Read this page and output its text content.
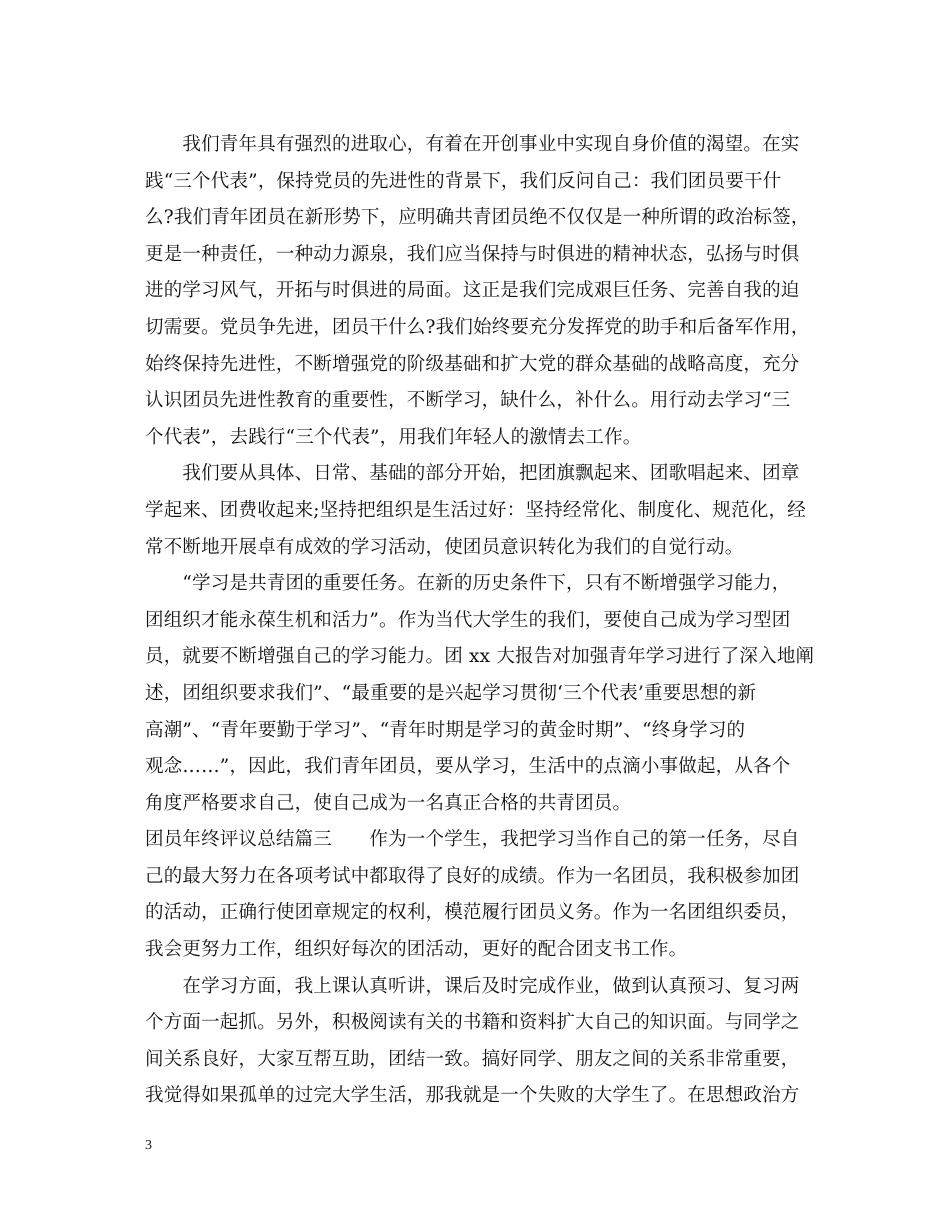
　　我们青年具有强烈的进取心，有着在开创事业中实现自身价值的渴望。在实
践“三个代表”，保持党员的先进性的背景下，我们反问自己：我们团员要干什
么?我们青年团员在新形势下，应明确共青团员绝不仅仅是一种所谓的政治标签，
更是一种责任，一种动力源泉，我们应当保持与时俱进的精神状态，弘扬与时俱
进的学习风气，开拓与时俱进的局面。这正是我们完成艰巨任务、完善自我的迫
切需要。党员争先进，团员干什么?我们始终要充分发挥党的助手和后备军作用，
始终保持先进性，不断增强党的阶级基础和扩大党的群众基础的战略高度，充分
认识团员先进性教育的重要性，不断学习，缺什么，补什么。用行动去学习“三
个代表”，去践行“三个代表”，用我们年轻人的激情去工作。
　　我们要从具体、日常、基础的部分开始，把团旗飘起来、团歌唱起来、团章
学起来、团费收起来;坚持把组织是生活过好：坚持经常化、制度化、规范化，经
常不断地开展卓有成效的学习活动，使团员意识转化为我们的自觉行动。
　　“学习是共青团的重要任务。在新的历史条件下，只有不断增强学习能力，
团组织才能永葆生机和活力”。作为当代大学生的我们，要使自己成为学习型团
员，就要不断增强自己的学习能力。团 xx 大报告对加强青年学习进行了深入地阐
述，团组织要求我们”、“最重要的是兴起学习贯彻‘三个代表’重要思想的新
高潮”、“青年要勤于学习”、“青年时期是学习的黄金时期”、“终身学习的
观念……”，因此，我们青年团员，要从学习，生活中的点滴小事做起，从各个
角度严格要求自己，使自己成为一名真正合格的共青团员。
团员年终评议总结篇三　　作为一个学生，我把学习当作自己的第一任务，尽自
己的最大努力在各项考试中都取得了良好的成绩。作为一名团员，我积极参加团
的活动，正确行使团章规定的权利，模范履行团员义务。作为一名团组织委员，
我会更努力工作，组织好每次的团活动，更好的配合团支书工作。
　　在学习方面，我上课认真听讲，课后及时完成作业，做到认真预习、复习两
个方面一起抓。另外，积极阅读有关的书籍和资料扩大自己的知识面。与同学之
间关系良好，大家互帮互助，团结一致。搞好同学、朋友之间的关系非常重要，
我觉得如果孤单的过完大学生活，那我就是一个失败的大学生了。在思想政治方
3
